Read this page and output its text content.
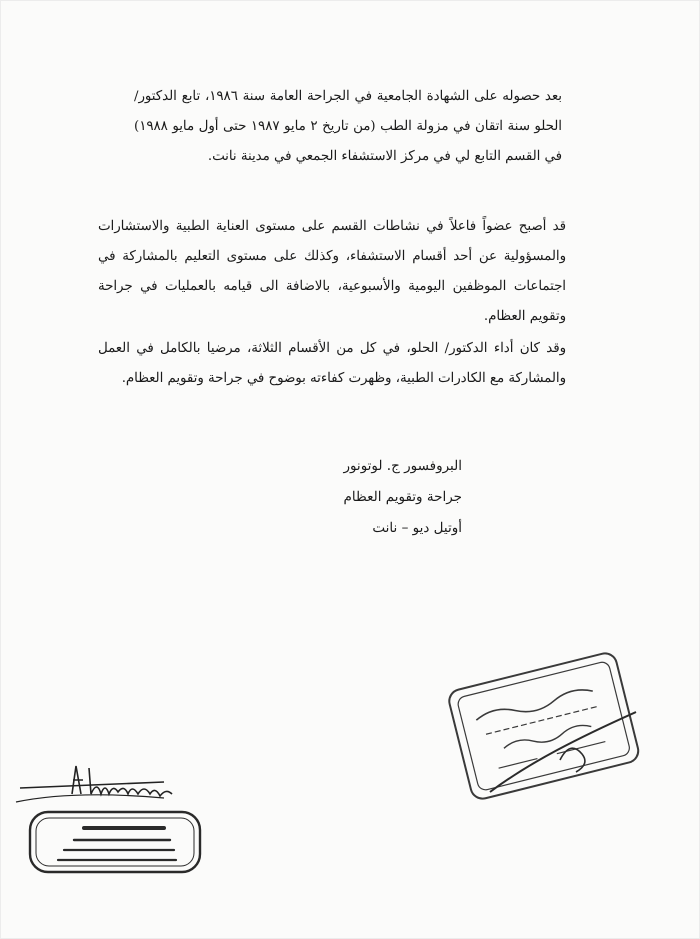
بعد حصوله على الشهادة الجامعية في الجراحة العامة سنة ١٩٨٦، تابع الدكتور/ الحلو سنة اتقان في مزولة الطب (من تاريخ ٢ مايو ١٩٨٧ حتى أول مايو ١٩٨٨) في القسم التابع لي في مركز الاستشفاء الجمعي في مدينة نانت.

قد أصبح عضواً فاعلاً في نشاطات القسم على مستوى العناية الطبية والاستشارات والمسؤولية عن أحد أقسام الاستشفاء، وكذلك على مستوى التعليم بالمشاركة في اجتماعات الموظفين اليومية والأسبوعية، بالاضافة الى قيامه بالعمليات في جراحة وتقويم العظام.

وقد كان أداء الدكتور/ الحلو، في كل من الأقسام الثلاثة، مرضيا بالكامل في العمل والمشاركة مع الكادرات الطبية، وظهرت كفاءته بوضوح في جراحة وتقويم العظام.

البروفسور ج. لوتونور
جراحة وتقويم العظام
أوتيل ديو – نانت
